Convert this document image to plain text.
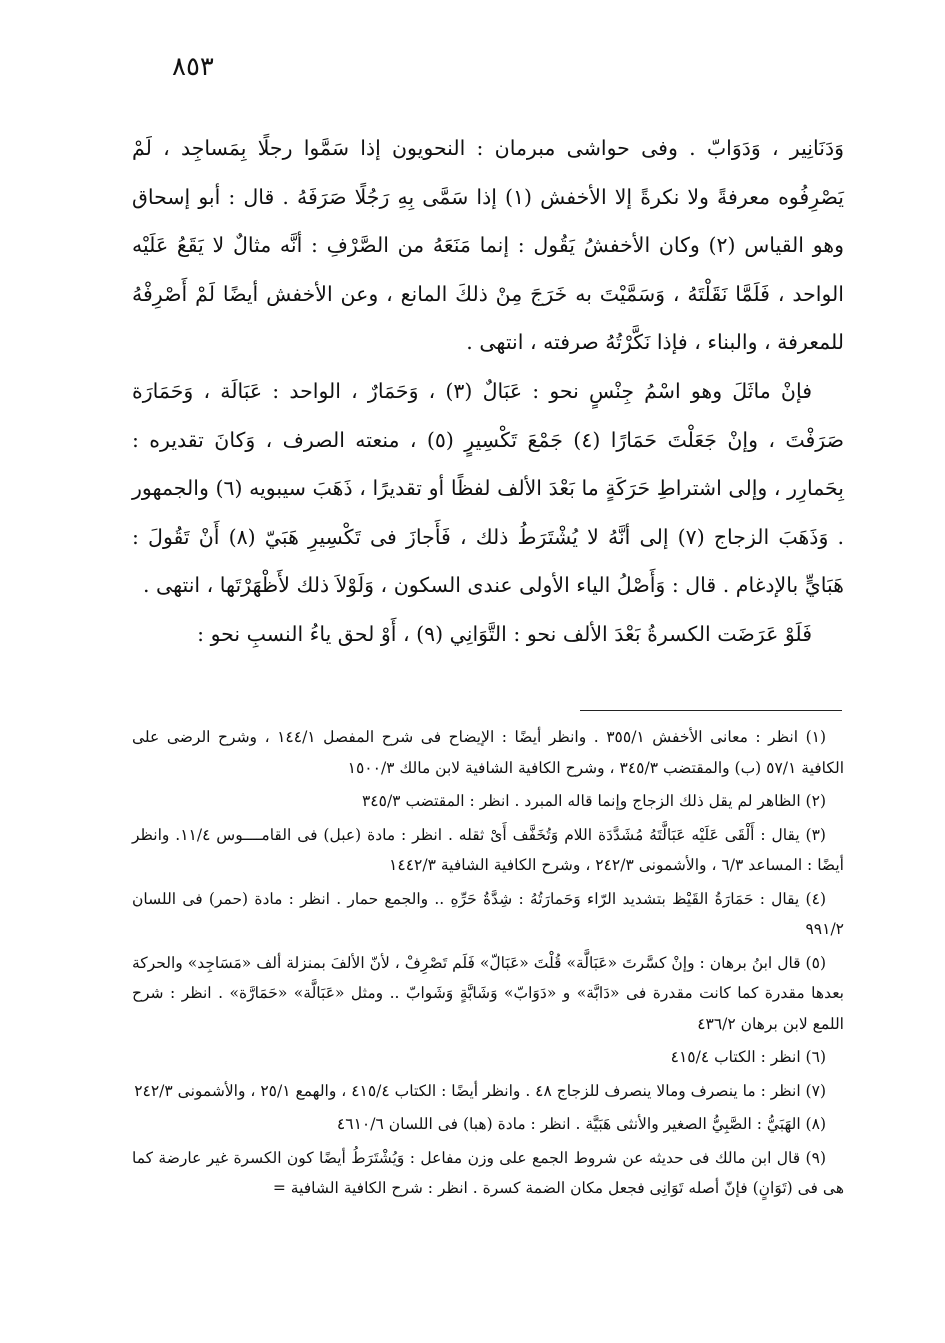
٨٥٣

وَدَنَانِير ، وَدَوَابّ . وفى حواشى مبرمان : النحويون إذا سَمَّوا رجلًا بِمَساجِد ، لَمْ يَصْرِفُوه معرفةً ولا نكرةً إلا الأخفش (١) إذا سَمَّى بِهِ رَجُلًا صَرَفَهُ . قال : أبو إسحاق وهو القياس (٢) وكان الأخفشُ يَقُول : إنما مَنَعَهُ من الصَّرْفِ : أنَّه مثالٌ لا يَقَعُ عَلَيْه الواحد ، فَلَمَّا نَقَلْتَهُ ، وَسَمَّيْتَ به خَرَجَ مِنْ ذلكَ المانع ، وعن الأخفش أيضًا لَمْ أَصْرِفْهُ للمعرفة ، والبناء ، فإذا نَكَّرْتُهُ صرفته ، انتهى .

فإنْ ماثَلَ وهو اسْمُ جِنْسٍ نحو : عَبَالٌ (٣) ، وَحَمَارٌ ، الواحد : عَبَالَة ، وَحَمَارَة صَرَفْتَ ، وإنْ جَعَلْتَ حَمَارًا (٤) جَمْعَ تَكْسِيرٍ (٥) ، منعته الصرف ، وَكانَ تقديره : بِحَمارِر ، وإلى اشتراطِ حَرَكَةٍ ما بَعْدَ الألف لفظًا أو تقديرًا ، ذَهَبَ سيبويه (٦) والجمهور . وَذَهَبَ الزجاج (٧) إلى أنَّهُ لا يُشْتَرَطُ ذلك ، فَأَجازَ فى تَكْسِيرِ هَبَيّ (٨) أَنْ تَقُولَ : هَبَايٍّ بالإدغام . قال : وَأَصْلُ الياء الأولى عندى السكون ، وَلَوْلاَ ذلك لأَظْهَرْتَها ، انتهى .

فَلَوْ عَرَضَت الكسرةُ بَعْدَ الألف نحو : التَّوَانِي (٩) ، أَوْ لحق ياءُ النسبِ نحو :

(١) انظر : معانى الأخفش ٣٥٥/١ . وانظر أيضًا : الإيضاح فى شرح المفصل ١٤٤/١ ، وشرح الرضى على الكافية ٥٧/١ (ب) والمقتضب ٣٤٥/٣ ، وشرح الكافية الشافية لابن مالك ١٥٠٠/٣

(٢) الظاهر لم يقل ذلك الزجاج وإنما قاله المبرد . انظر : المقتضب ٣٤٥/٣

(٣) يقال : أَلْقَى عَلَيْه عَبَالَّتَهُ مُشَدَّدَة اللام وَتُخَفَّف أَىْ ثقله . انظر : مادة (عبل) فى القامــــوس ١١/٤. وانظر أيضًا : المساعد ٦/٣ ، والأشمونى ٢٤٢/٣ ، وشرح الكافية الشافية ١٤٤٢/٣

(٤) يقال : حَمَارَةُ القَيْظ بتشديد الرّاء وَحَمارَتُهُ : شِدَّةُ حَرِّهِ .. والجمع حمار . انظر : مادة (حمر) فى اللسان ٩٩١/٢

(٥) قال ابنُ برهان : وإنْ كسَّرتَ «عَبَالَّة» قُلْتَ «عَبَالّ» فَلَم تَصْرِفْ ، لأنّ الألفَ بمنزلة ألف «مَسَاجِد» والحركة بعدها مقدرة كما كانت مقدرة فى «دَابَّة» و «دَوَابّ» وَشَابَّةٍ وَشَوابّ .. ومثل «عَبَالَّة» «حَمَارَّة» . انظر : شرح اللمع لابن برهان ٤٣٦/٢

(٦) انظر : الكتاب ٤١٥/٤

(٧) انظر : ما ينصرف ومالا ينصرف للزجاج ٤٨ . وانظر أيضًا : الكتاب ٤١٥/٤ ، والهمع ٢٥/١ ، والأشمونى ٢٤٢/٣

(٨) الهَبَيُّ : الصَّبِيُّ الصغير والأنثى هَبَيَّة . انظر : مادة (هبا) فى اللسان ٤٦١٠/٦

(٩) قال ابن مالك فى حديثه عن شروط الجمع على وزن مفاعل : وَيُشْتَرَطُ أيضًا كون الكسرة غير عارضة كما هى فى (تَوَانٍ) فإنّ أصله تَوَانِى فجعل مكان الضمة كسرة . انظر : شرح الكافية الشافية =
